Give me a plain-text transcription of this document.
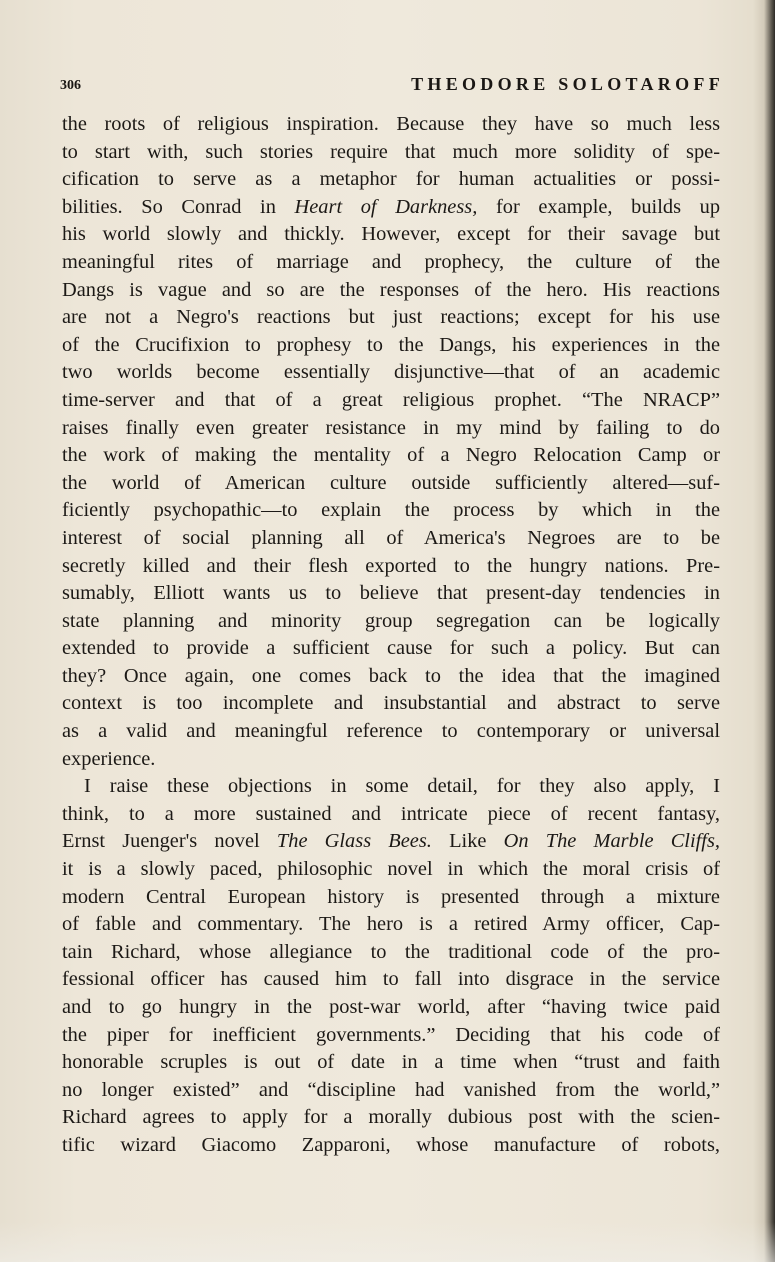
306	THEODORE SOLOTAROFF
the roots of religious inspiration. Because they have so much less
to start with, such stories require that much more solidity of spe-
cification to serve as a metaphor for human actualities or possi-
bilities. So Conrad in Heart of Darkness, for example, builds up
his world slowly and thickly. However, except for their savage but
meaningful rites of marriage and prophecy, the culture of the
Dangs is vague and so are the responses of the hero. His reactions
are not a Negro's reactions but just reactions; except for his use
of the Crucifixion to prophesy to the Dangs, his experiences in the
two worlds become essentially disjunctive—that of an academic
time-server and that of a great religious prophet. “The NRACP”
raises finally even greater resistance in my mind by failing to do
the work of making the mentality of a Negro Relocation Camp or
the world of American culture outside sufficiently altered—suf-
ficiently psychopathic—to explain the process by which in the
interest of social planning all of America's Negroes are to be
secretly killed and their flesh exported to the hungry nations. Pre-
sumably, Elliott wants us to believe that present-day tendencies in
state planning and minority group segregation can be logically
extended to provide a sufficient cause for such a policy. But can
they? Once again, one comes back to the idea that the imagined
context is too incomplete and insubstantial and abstract to serve
as a valid and meaningful reference to contemporary or universal
experience.
I raise these objections in some detail, for they also apply, I
think, to a more sustained and intricate piece of recent fantasy,
Ernst Juenger's novel The Glass Bees. Like On The Marble Cliffs,
it is a slowly paced, philosophic novel in which the moral crisis of
modern Central European history is presented through a mixture
of fable and commentary. The hero is a retired Army officer, Cap-
tain Richard, whose allegiance to the traditional code of the pro-
fessional officer has caused him to fall into disgrace in the service
and to go hungry in the post-war world, after “having twice paid
the piper for inefficient governments.” Deciding that his code of
honorable scruples is out of date in a time when “trust and faith
no longer existed” and “discipline had vanished from the world,”
Richard agrees to apply for a morally dubious post with the scien-
tific wizard Giacomo Zapparoni, whose manufacture of robots,
